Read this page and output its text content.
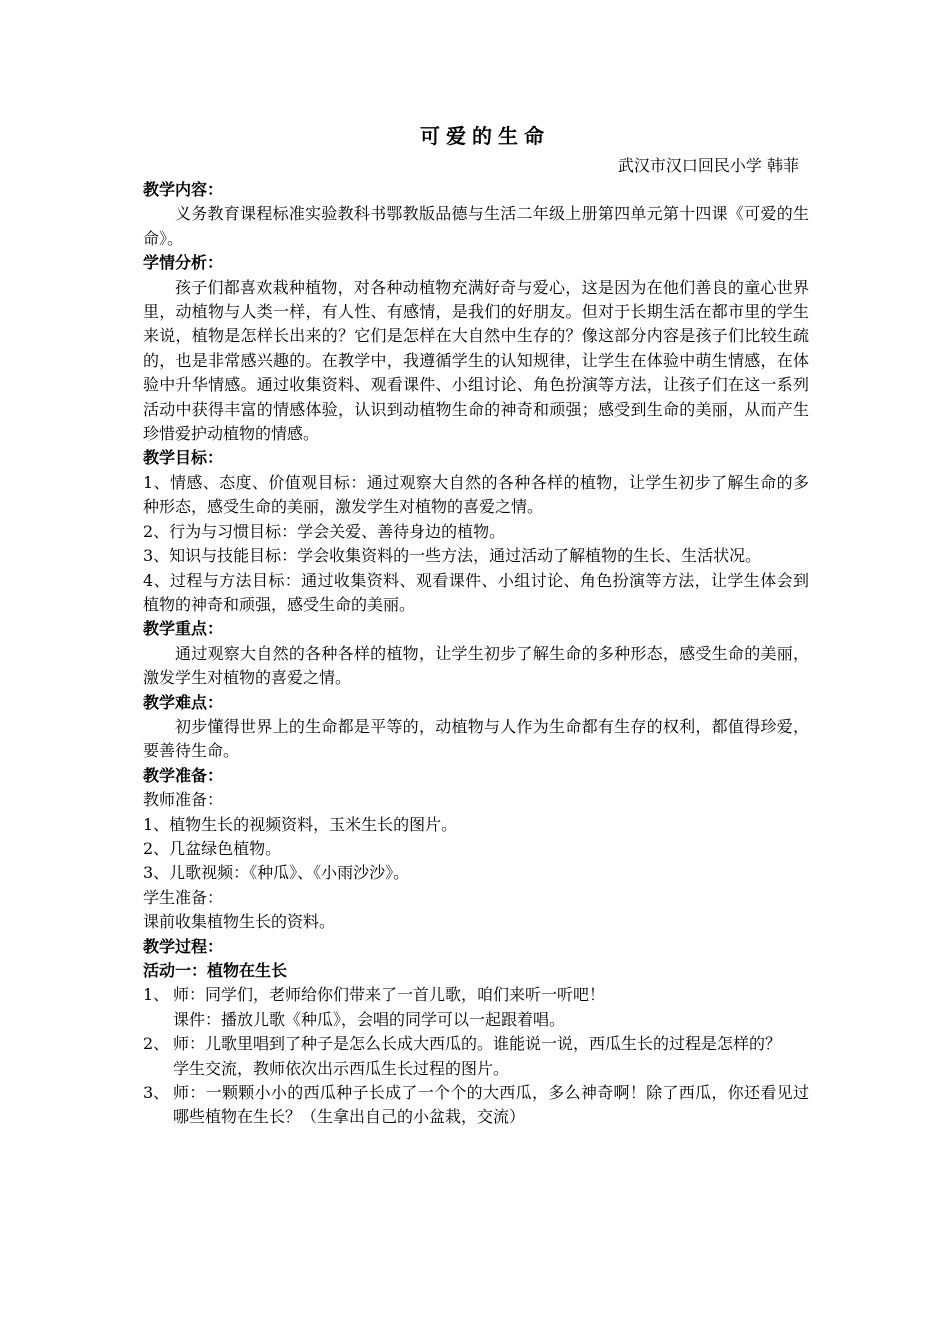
可爱的生命
武汉市汉口回民小学 韩菲
教学内容：
义务教育课程标准实验教科书鄂教版品德与生活二年级上册第四单元第十四课《可爱的生命》。
学情分析：
孩子们都喜欢栽种植物，对各种动植物充满好奇与爱心，这是因为在他们善良的童心世界里，动植物与人类一样，有人性、有感情，是我们的好朋友。但对于长期生活在都市里的学生来说，植物是怎样长出来的？它们是怎样在大自然中生存的？像这部分内容是孩子们比较生疏的，也是非常感兴趣的。在教学中，我遵循学生的认知规律，让学生在体验中萌生情感，在体验中升华情感。通过收集资料、观看课件、小组讨论、角色扮演等方法，让孩子们在这一系列活动中获得丰富的情感体验，认识到动植物生命的神奇和顽强；感受到生命的美丽，从而产生珍惜爱护动植物的情感。
教学目标：
1、情感、态度、价值观目标：通过观察大自然的各种各样的植物，让学生初步了解生命的多种形态，感受生命的美丽，激发学生对植物的喜爱之情。
2、行为与习惯目标：学会关爱、善待身边的植物。
3、知识与技能目标：学会收集资料的一些方法，通过活动了解植物的生长、生活状况。
4、过程与方法目标：通过收集资料、观看课件、小组讨论、角色扮演等方法，让学生体会到植物的神奇和顽强，感受生命的美丽。
教学重点：
通过观察大自然的各种各样的植物，让学生初步了解生命的多种形态，感受生命的美丽，激发学生对植物的喜爱之情。
教学难点：
初步懂得世界上的生命都是平等的，动植物与人作为生命都有生存的权利，都值得珍爱，要善待生命。
教学准备：
教师准备：
1、植物生长的视频资料，玉米生长的图片。
2、几盆绿色植物。
3、儿歌视频：《种瓜》、《小雨沙沙》。
学生准备：
课前收集植物生长的资料。
教学过程：
活动一：植物在生长
1、 师：同学们，老师给你们带来了一首儿歌，咱们来听一听吧！
课件：播放儿歌《种瓜》，会唱的同学可以一起跟着唱。
2、 师：儿歌里唱到了种子是怎么长成大西瓜的。谁能说一说，西瓜生长的过程是怎样的？
学生交流，教师依次出示西瓜生长过程的图片。
3、 师：一颗颗小小的西瓜种子长成了一个个的大西瓜，多么神奇啊！除了西瓜，你还看见过哪些植物在生长？（生拿出自己的小盆栽，交流）
